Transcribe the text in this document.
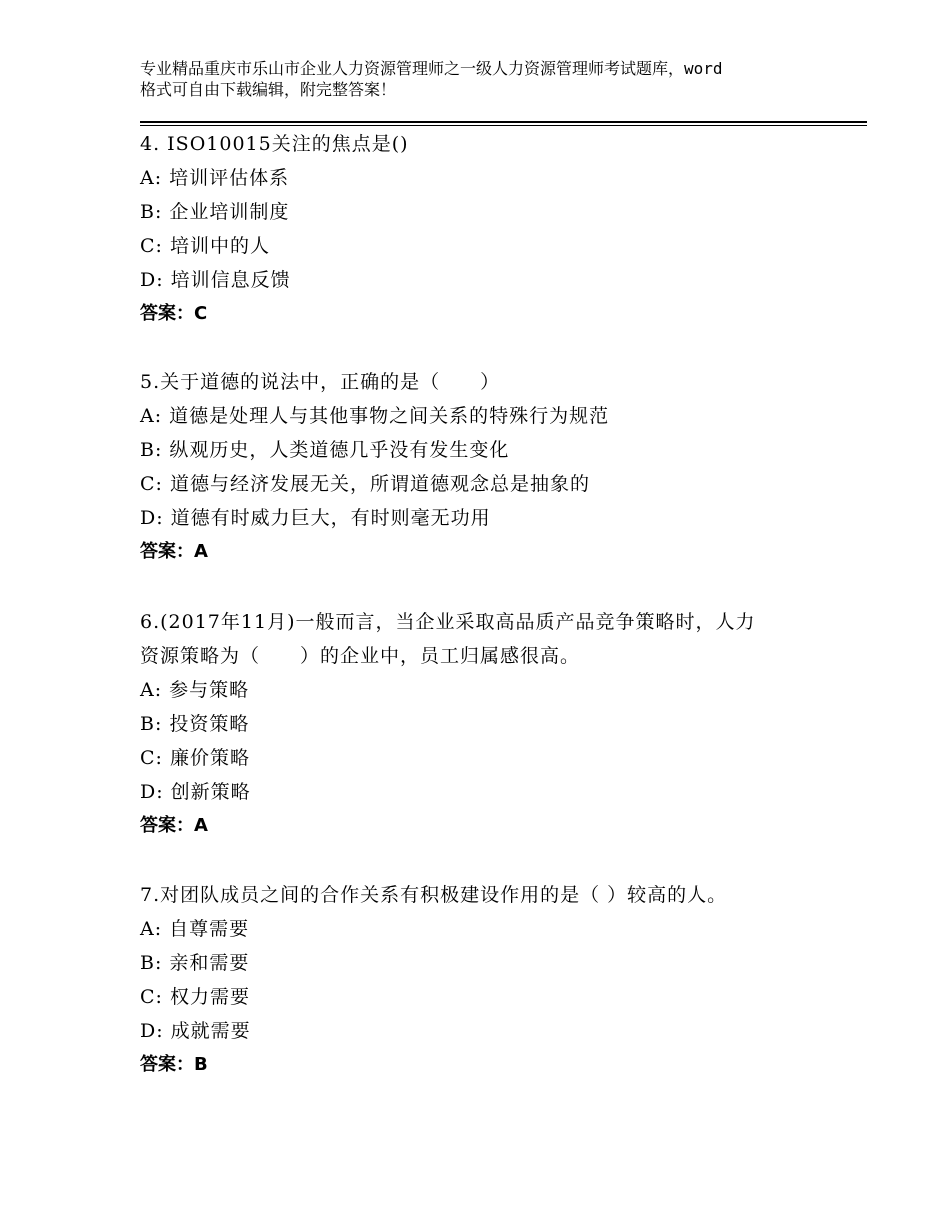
专业精品重庆市乐山市企业人力资源管理师之一级人力资源管理师考试题库，word
格式可自由下载编辑，附完整答案！
4. ISO10015关注的焦点是()
A: 培训评估体系
B: 企业培训制度
C: 培训中的人
D: 培训信息反馈
答案：C
5.关于道德的说法中，正确的是（　　）
A: 道德是处理人与其他事物之间关系的特殊行为规范
B: 纵观历史，人类道德几乎没有发生变化
C: 道德与经济发展无关，所谓道德观念总是抽象的
D: 道德有时威力巨大，有时则毫无功用
答案：A
6.(2017年11月)一般而言，当企业采取高品质产品竞争策略时，人力
资源策略为（　　）的企业中，员工归属感很高。
A: 参与策略
B: 投资策略
C: 廉价策略
D: 创新策略
答案：A
7.对团队成员之间的合作关系有积极建设作用的是（ ）较高的人。
A: 自尊需要
B: 亲和需要
C: 权力需要
D: 成就需要
答案：B
